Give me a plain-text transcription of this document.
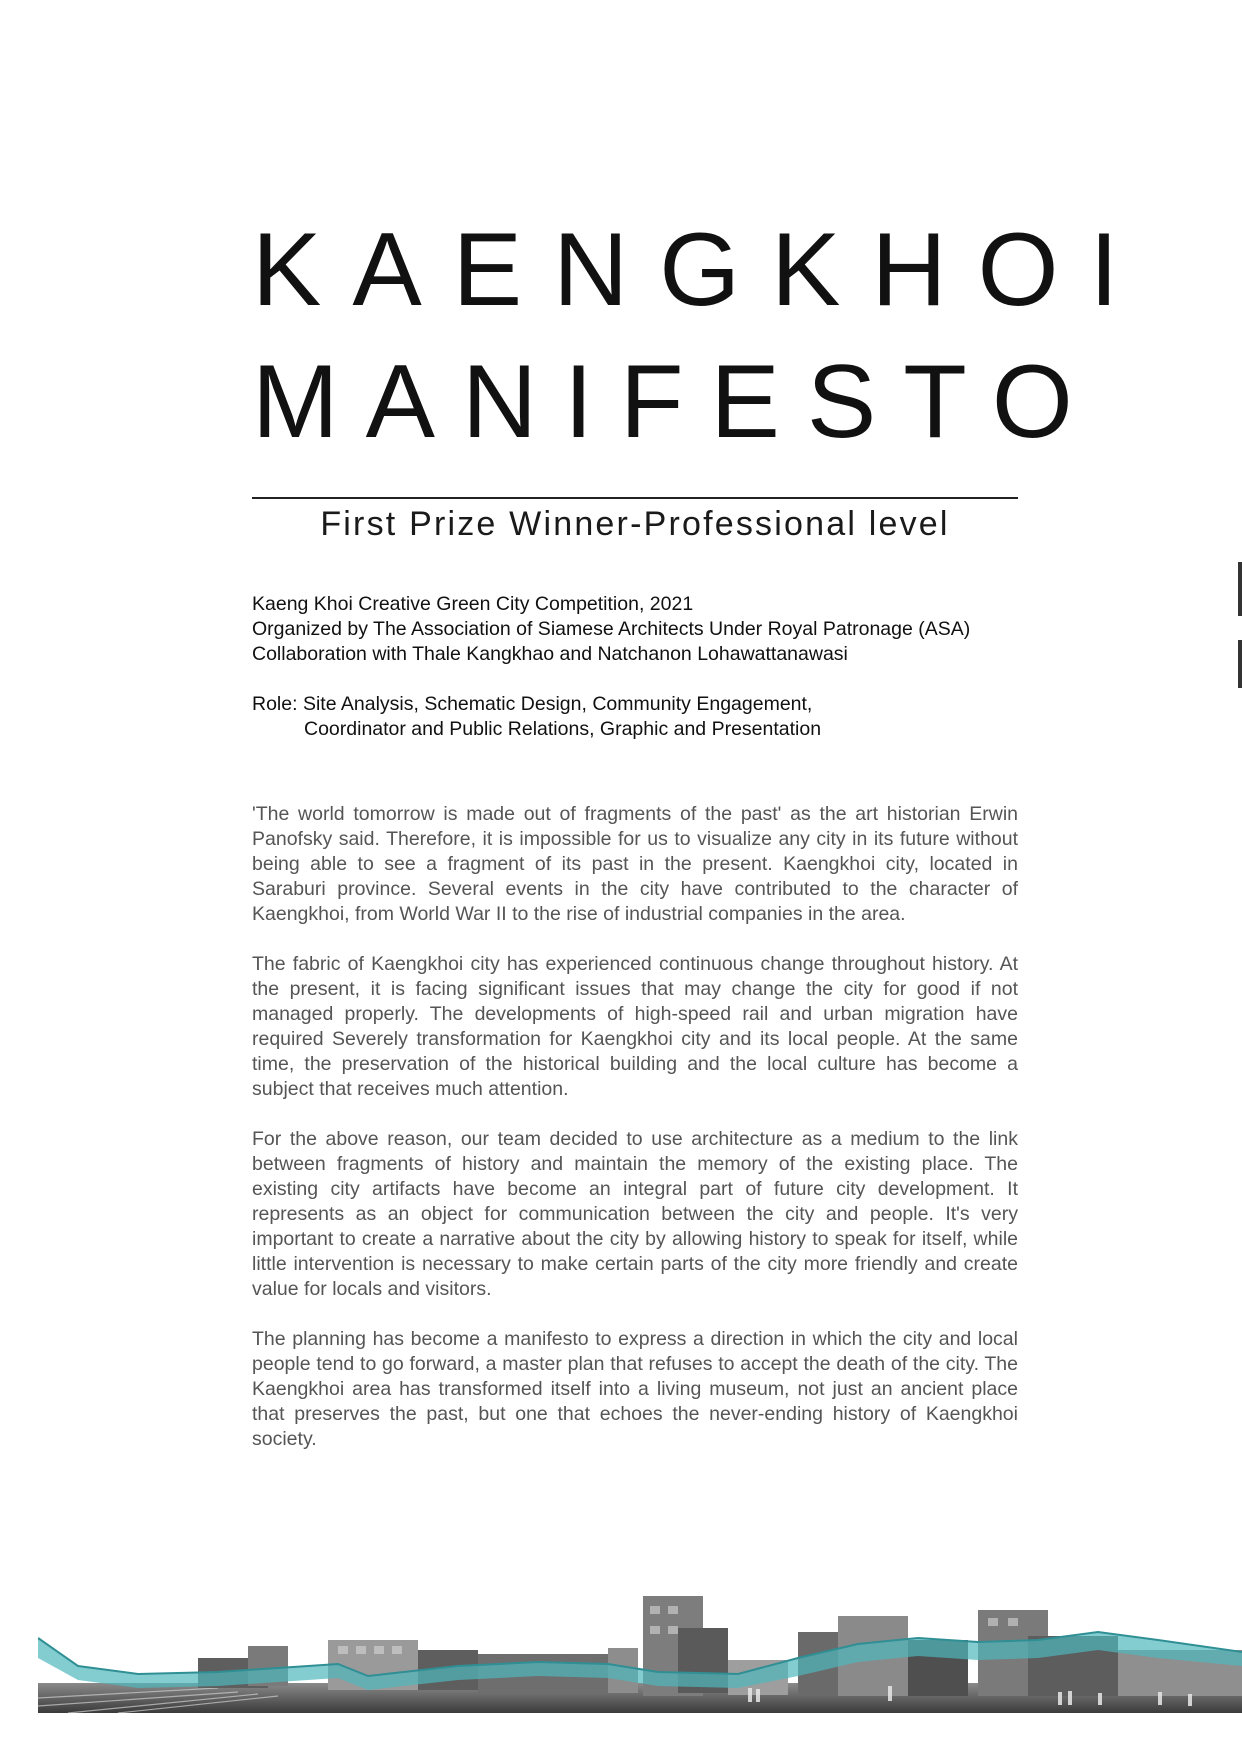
KAENGKHOI
MANIFESTO
First Prize Winner-Professional level
Kaeng Khoi Creative Green City Competition, 2021
Organized by The Association of Siamese Architects Under Royal Patronage (ASA)
Collaboration with Thale Kangkhao and Natchanon Lohawattanawasi
Role: Site Analysis, Schematic Design, Community Engagement,
Coordinator and Public Relations, Graphic and Presentation

'The world tomorrow is made out of fragments of the past' as the art historian Erwin Panofsky said. Therefore, it is impossible for us to visualize any city in its future without being able to see a fragment of its past in the present. Kaengkhoi city, located in Saraburi province. Several events in the city have contributed to the character of Kaengkhoi, from World War II to the rise of industrial companies in the area.

The fabric of Kaengkhoi city has experienced continuous change throughout history. At the present, it is facing significant issues that may change the city for good if not managed properly. The developments of high-speed rail and urban migration have required Severely transformation for Kaengkhoi city and its local people. At the same time, the preservation of the historical building and the local culture has become a subject that receives much attention.

For the above reason, our team decided to use architecture as a medium to the link between fragments of history and maintain the memory of the existing place. The existing city artifacts have become an integral part of future city development. It represents as an object for communication between the city and people. It's very important to create a narrative about the city by allowing history to speak for itself, while little intervention is necessary to make certain parts of the city more friendly and create value for locals and visitors.

The planning has become a manifesto to express a direction in which the city and local people tend to go forward, a master plan that refuses to accept the death of the city. The Kaengkhoi area has transformed itself into a living museum, not just an ancient place that preserves the past, but one that echoes the never-ending history of Kaengkhoi society.
